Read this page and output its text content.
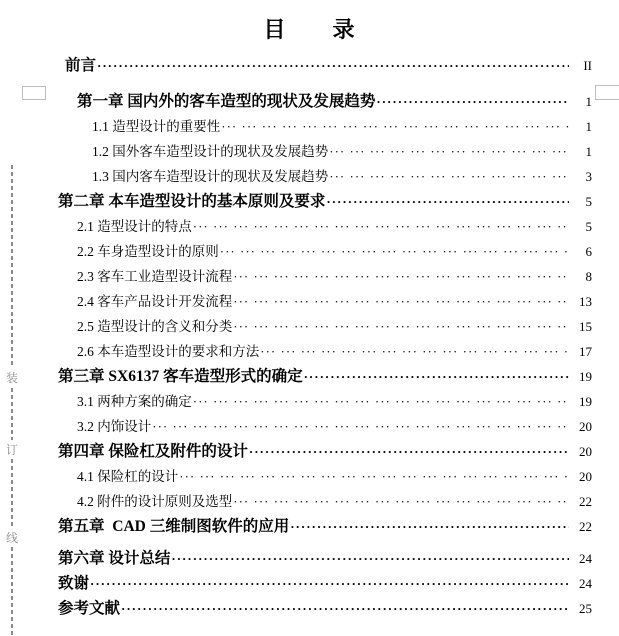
装
订
线
目　　录
前言 ·····	II
第一章 国内外的客车造型的现状及发展趋势 ·····	1
1.1 造型设计的重要性 ··· ·	1
1.2 国外客车造型设计的现状及发展趋势 ··· ·	1
1.3 国内客车造型设计的现状及发展趋势 ··· ·	3
第二章 本车造型设计的基本原则及要求 ·····	5
2.1 造型设计的特点 ··· ·	5
2.2 车身造型设计的原则 ··· ·	6
2.3 客车工业造型设计流程 ··· ·	8
2.4 客车产品设计开发流程 ··· ·	13
2.5 造型设计的含义和分类 ··· ·	15
2.6 本车造型设计的要求和方法 ··· ·	17
第三章 SX6137 客车造型形式的确定 ·····	19
3.1 两种方案的确定 ··· ·	19
3.2 内饰设计 ··· ·	20
第四章 保险杠及附件的设计 ·····	20
4.1 保险杠的设计 ··· ·	20
4.2 附件的设计原则及选型 ··· ·	22
第五章  CAD 三维制图软件的应用 ·····	22
第六章 设计总结 ·····	24
致谢 ·····	24
参考文献 ·····	25
